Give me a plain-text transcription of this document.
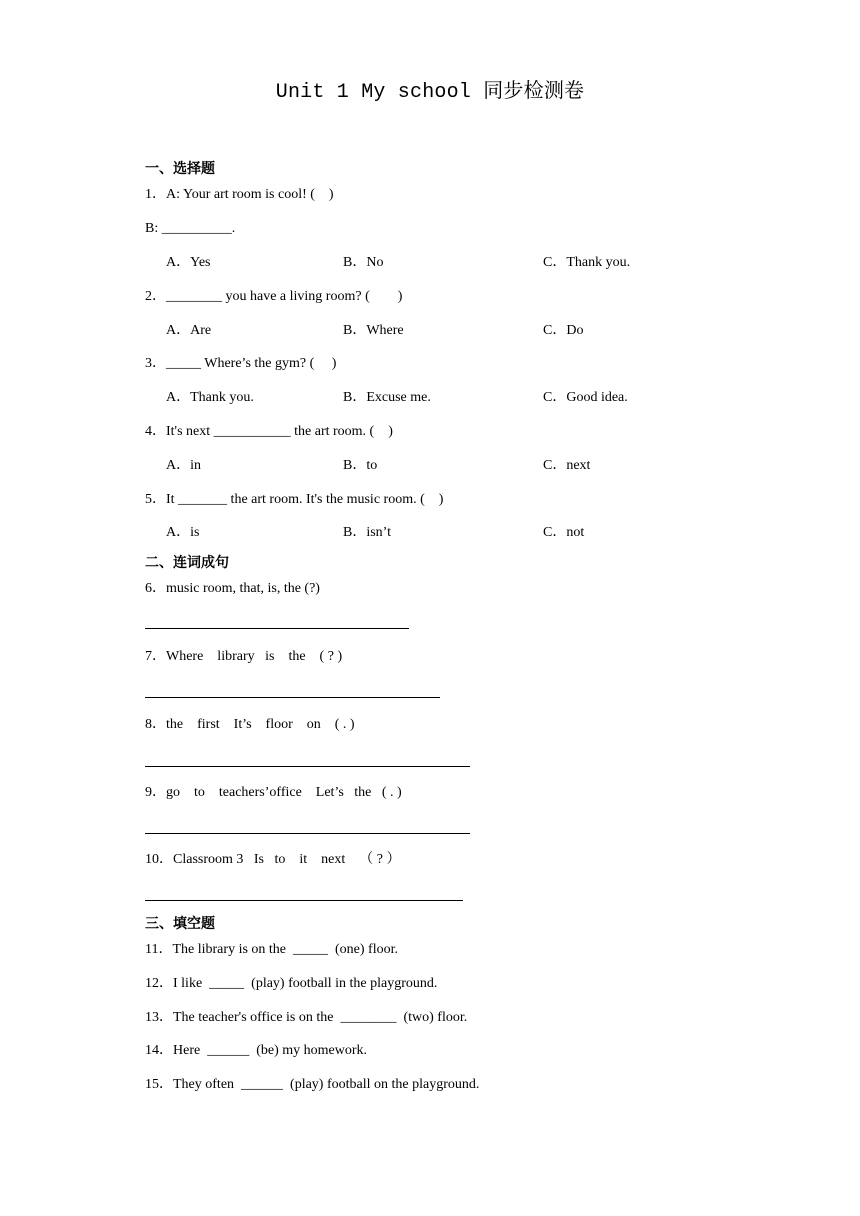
Unit 1 My school 同步检测卷
一、选择题
1．A: Your art room is cool! (    )
B: __________.
A．Yes	B．No	C．Thank you.
2．________ you have a living room? (        )
A．Are	B．Where	C．Do
3．_____ Where’s the gym? (     )
A．Thank you.	B．Excuse me.	C．Good idea.
4．It's next ___________ the art room. (    )
A．in	B．to	C．next
5．It _______ the art room. It's the music room. (    )
A．is	B．isn’t	C．not
二、连词成句
6．music room, that, is, the (?)
7．Where    library   is    the    ( ? )
8．the    first    It’s    floor    on    ( . )
9．go    to    teachers’office    Let’s   the   ( . )
10．Classroom 3   Is   to    it    next    （ ? ）
三、填空题
11．The library is on the  _____  (one) floor.
12．I like  _____  (play) football in the playground.
13．The teacher's office is on the  ________  (two) floor.
14．Here  ______  (be) my homework.
15．They often  ______  (play) football on the playground.
